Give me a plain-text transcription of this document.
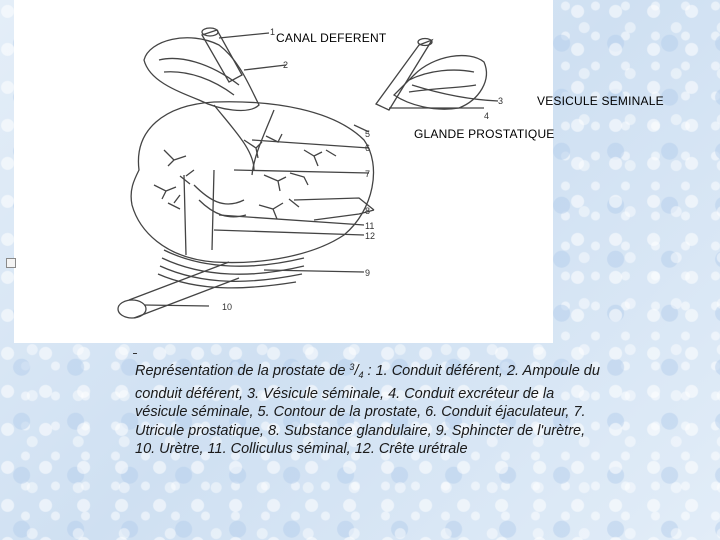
1
2
3
4
5
6
7
8
11
12
9
10
CANAL DEFERENT
VESICULE SEMINALE
GLANDE PROSTATIQUE
Représentation de la prostate de $^3/_4$ : 1. Conduit déférent, 2. Ampoule du conduit déférent, 3. Vésicule séminale, 4. Conduit excréteur de la vésicule séminale, 5. Contour de la prostate, 6. Conduit éjaculateur, 7. Utricule prostatique, 8. Substance glandulaire, 9. Sphincter de l'urètre, 10. Urètre, 11. Colliculus séminal, 12. Crête urétrale
